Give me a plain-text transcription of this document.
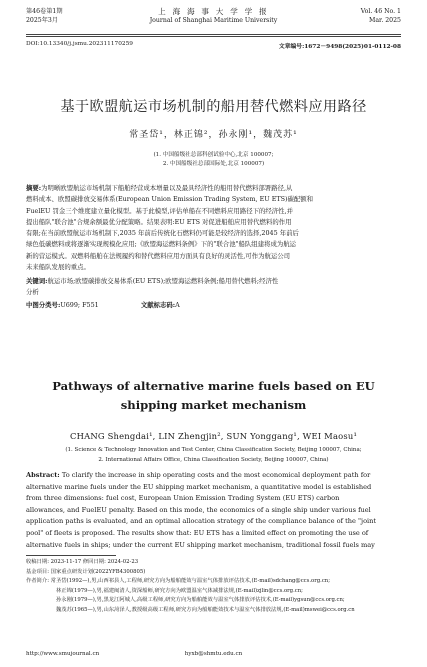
第46卷第1期
2025年3月
上 海 海 事 大 学 学 报
Journal of Shanghai Maritime University
Vol. 46 No. 1
Mar. 2025
DOI:10.13340/j.jsmu.202311170259	文章编号:1672－9498(2025)01-0112-08
基于欧盟航运市场机制的船用替代燃料应用路径
常圣岱¹，林正锦²，孙永刚¹，魏茂苏¹
(1. 中国船级社总部科创试验中心,北京 100007;
2. 中国船级社总部国际处,北京 100007)
摘要:为明晰欧盟航运市场机制下船舶经营成本增量以及最具经济性的船用替代燃料部署路径,从
燃料成本、欧盟碳排放交易体系(European Union Emission Trading System, EU ETS)碳配额和
FuelEU 罚金三个维度建立量化模型。基于此模型,评估单船在不同燃料应用路径下的经济性,并
提出船队"联合池"合规余额最优分配策略。结果表明:EU ETS 对促进船舶应用替代燃料的作用
有限;在当前欧盟航运市场机制下,2035 年前后传统化石燃料仍可能是较经济的选择,2045 年前后
绿色低碳燃料或将逐渐实现规模化应用;《欧盟海运燃料条例》下的"联合池"船队组建将成为航运
新的营运模式。双燃料船舶在法规履约和替代燃料应用方面具有良好的灵活性,可作为航运公司
未来船队发展的重点。
关键词:航运市场;欧盟碳排放交易体系(EU ETS);欧盟海运燃料条例;船用替代燃料;经济性
分析
中图分类号:U699; F551	文献标志码:A
Pathways of alternative marine fuels based on EU
shipping market mechanism
CHANG Shengdai¹, LIN Zhengjin², SUN Yonggang¹, WEI Maosu¹
(1. Science & Technology Innovation and Test Center, China Classification Society, Beijing 100007, China;
2. International Affairs Office, China Classification Society, Beijing 100007, China)
Abstract: To clarify the increase in ship operating costs and the most economical deployment path for
alternative marine fuels under the EU shipping market mechanism, a quantitative model is established
from three dimensions: fuel cost, European Union Emission Trading System (EU ETS) carbon
allowances, and FuelEU penalty. Based on this mode, the economics of a single ship under various fuel
application paths is evaluated, and an optimal allocation strategy of the compliance balance of the "joint
pool" of fleets is proposed. The results show that: EU ETS has a limited effect on promoting the use of
alternative fuels in ships; under the current EU shipping market mechanism, traditional fossil fuels may
收稿日期: 2023-11-17 修回日期: 2024-02-23
基金项目: 国家重点研发计划(2022YFB4300805)
作者简介: 常圣岱(1992—),男,山西祁县人,工程师,研究方向为船舶能效与温室气体排放评估技术,(E-mail)sdchang@ccs.org.cn;
林正锦(1979—),男,福建闽清人,资深船师,研究方向为欧盟温室气体减排法规,(E-mail)zjlin@ccs.org.cn;
孙永刚(1979—),男,黑龙江阿城人,高级工程师,研究方向为船舶能效与温室气体排放评估技术,(E-mail)ygsun@ccs.org.cn;
魏茂苏(1965—),男,山东菏泽人,教授级高级工程师,研究方向为船舶能效技术与温室气体排放法规,(E-mail)mswei@ccs.org.cn
http://www.smujournal.cn	hyxb@shmtu.edu.cn
